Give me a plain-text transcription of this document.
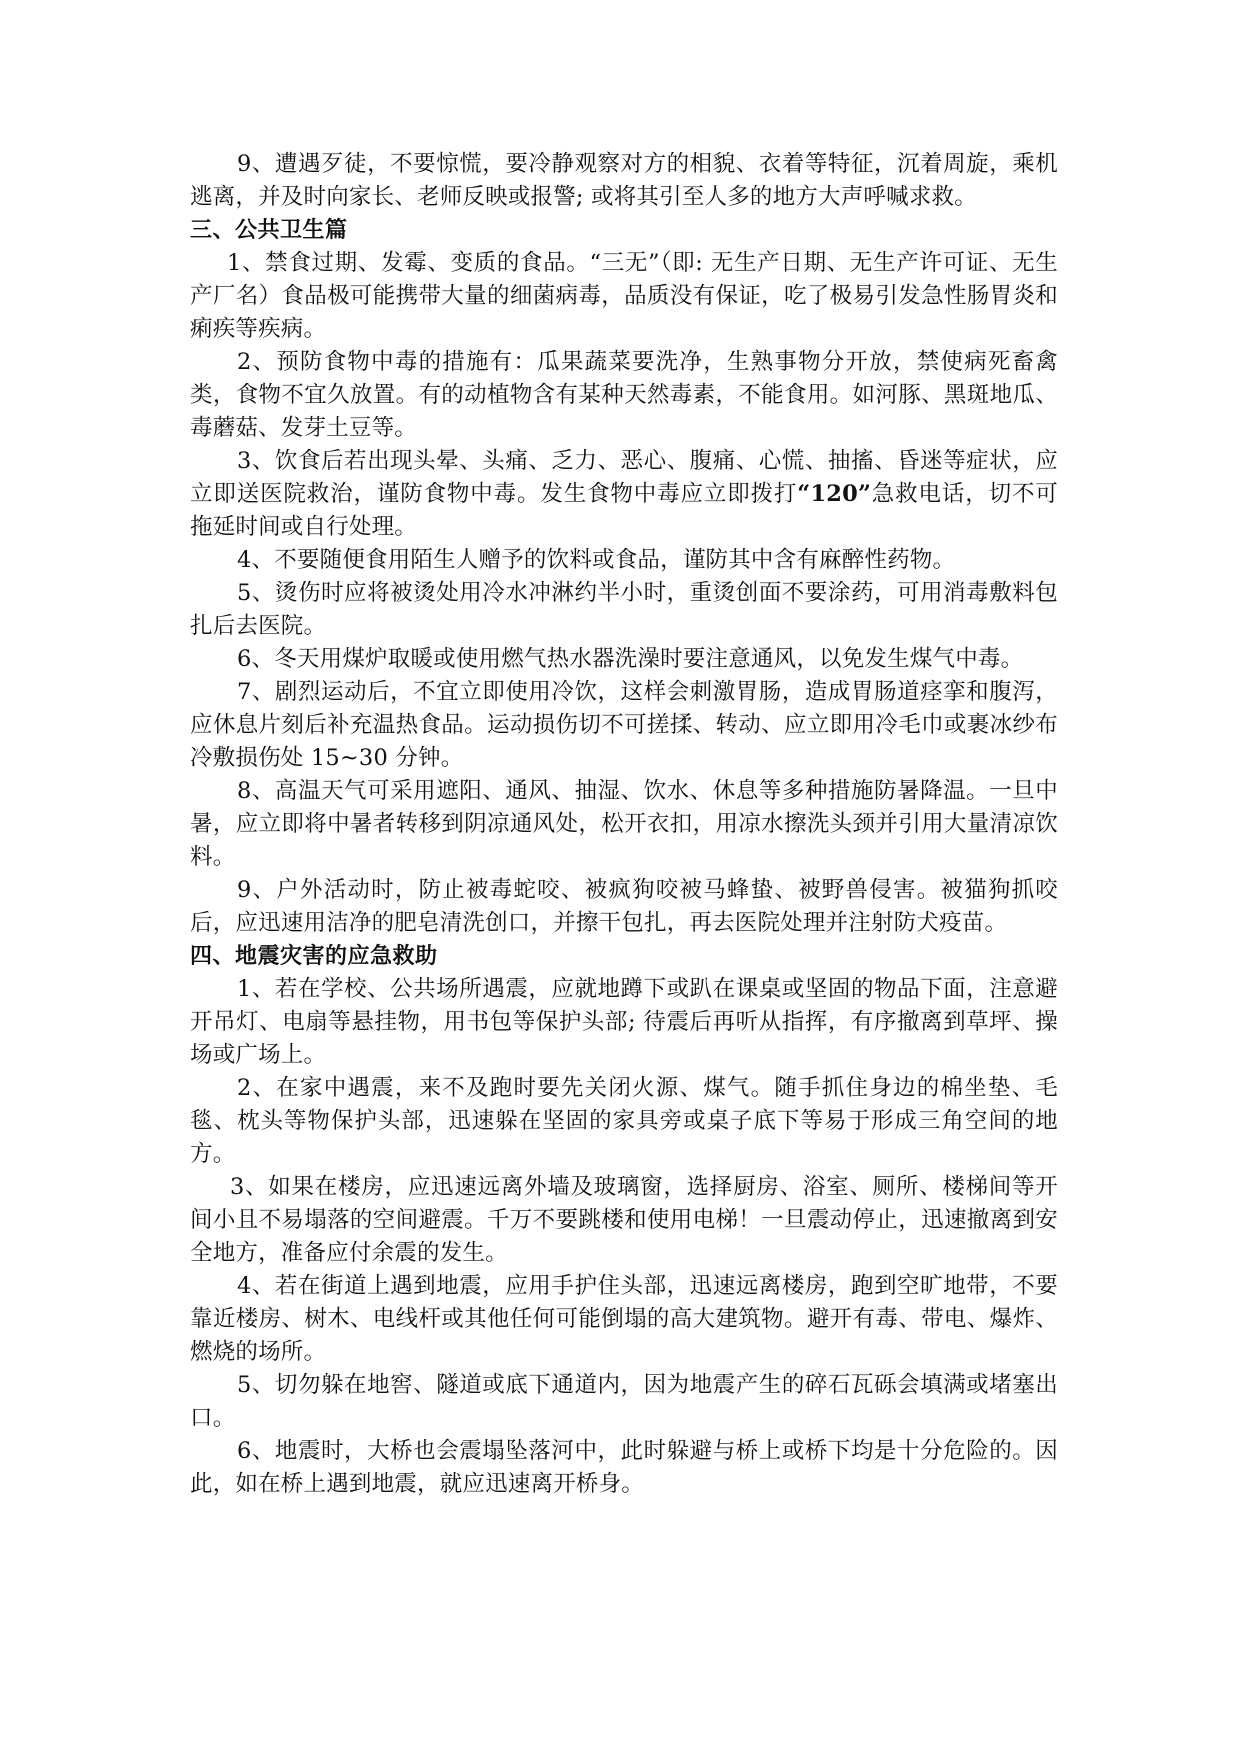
9、遭遇歹徒，不要惊慌，要冷静观察对方的相貌、衣着等特征，沉着周旋，乘机逃离，并及时向家长、老师反映或报警; 或将其引至人多的地方大声呼喊求救。

三、公共卫生篇

1、禁食过期、发霉、变质的食品。“三无”（即: 无生产日期、无生产许可证、无生产厂名）食品极可能携带大量的细菌病毒，品质没有保证，吃了极易引发急性肠胃炎和痢疾等疾病。

2、预防食物中毒的措施有：瓜果蔬菜要洗净，生熟事物分开放，禁使病死畜禽类，食物不宜久放置。有的动植物含有某种天然毒素，不能食用。如河豚、黑斑地瓜、毒蘑菇、发芽土豆等。

3、饮食后若出现头晕、头痛、乏力、恶心、腹痛、心慌、抽搐、昏迷等症状，应立即送医院救治，谨防食物中毒。发生食物中毒应立即拨打“120”急救电话，切不可拖延时间或自行处理。

4、不要随便食用陌生人赠予的饮料或食品，谨防其中含有麻醉性药物。

5、烫伤时应将被烫处用冷水冲淋约半小时，重烫创面不要涂药，可用消毒敷料包扎后去医院。

6、冬天用煤炉取暖或使用燃气热水器洗澡时要注意通风，以免发生煤气中毒。

7、剧烈运动后，不宜立即使用冷饮，这样会刺激胃肠，造成胃肠道痉挛和腹泻，应休息片刻后补充温热食品。运动损伤切不可搓揉、转动、应立即用冷毛巾或裹冰纱布冷敷损伤处 15~30 分钟。

8、高温天气可采用遮阳、通风、抽湿、饮水、休息等多种措施防暑降温。一旦中暑，应立即将中暑者转移到阴凉通风处，松开衣扣，用凉水擦洗头颈并引用大量清凉饮料。

9、户外活动时，防止被毒蛇咬、被疯狗咬被马蜂蛰、被野兽侵害。被猫狗抓咬后，应迅速用洁净的肥皂清洗创口，并擦干包扎，再去医院处理并注射防犬疫苗。

四、地震灾害的应急救助

1、若在学校、公共场所遇震，应就地蹲下或趴在课桌或坚固的物品下面，注意避开吊灯、电扇等悬挂物，用书包等保护头部; 待震后再听从指挥，有序撤离到草坪、操场或广场上。

2、在家中遇震，来不及跑时要先关闭火源、煤气。随手抓住身边的棉坐垫、毛毯、枕头等物保护头部，迅速躲在坚固的家具旁或桌子底下等易于形成三角空间的地方。

3、如果在楼房，应迅速远离外墙及玻璃窗，选择厨房、浴室、厕所、楼梯间等开间小且不易塌落的空间避震。千万不要跳楼和使用电梯！一旦震动停止，迅速撤离到安全地方，准备应付余震的发生。

4、若在街道上遇到地震，应用手护住头部，迅速远离楼房，跑到空旷地带，不要靠近楼房、树木、电线杆或其他任何可能倒塌的高大建筑物。避开有毒、带电、爆炸、燃烧的场所。

5、切勿躲在地窖、隧道或底下通道内，因为地震产生的碎石瓦砾会填满或堵塞出口。

6、地震时，大桥也会震塌坠落河中，此时躲避与桥上或桥下均是十分危险的。因此，如在桥上遇到地震，就应迅速离开桥身。
